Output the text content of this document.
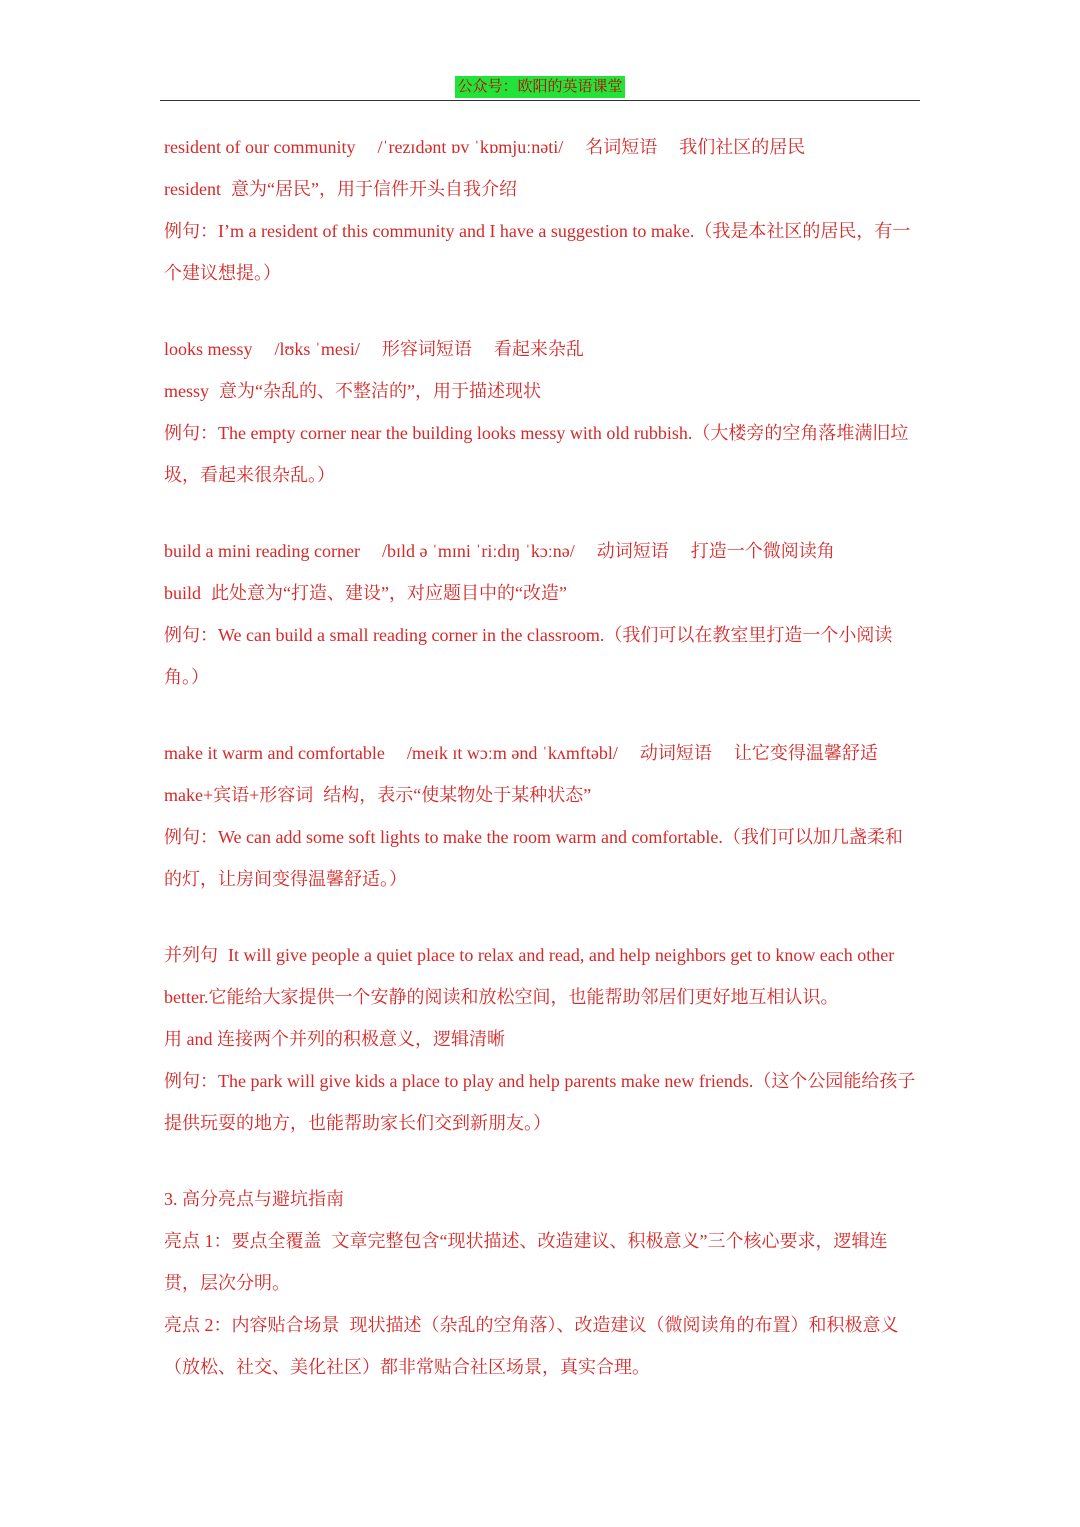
公众号：欧阳的英语课堂
resident of our community /ˈrezɪdənt ɒv ˈkɒmjuːnəti/ 名词短语 我们社区的居民
resident 意为“居民”，用于信件开头自我介绍
例句：I’m a resident of this community and I have a suggestion to make.（我是本社区的居民，有一个建议想提。）
looks messy /lʊks ˈmesi/ 形容词短语 看起来杂乱
messy 意为“杂乱的、不整洁的”，用于描述现状
例句：The empty corner near the building looks messy with old rubbish.（大楼旁的空角落堆满旧垃圾，看起来很杂乱。）
build a mini reading corner /bɪld ə ˈmɪni ˈriːdɪŋ ˈkɔːnə/ 动词短语 打造一个微阅读角
build 此处意为“打造、建设”，对应题目中的“改造”
例句：We can build a small reading corner in the classroom.（我们可以在教室里打造一个小阅读角。）
make it warm and comfortable /meɪk ɪt wɔːm ənd ˈkʌmftəbl/ 动词短语 让它变得温馨舒适
make+宾语+形容词 结构，表示“使某物处于某种状态”
例句：We can add some soft lights to make the room warm and comfortable.（我们可以加几盏柔和的灯，让房间变得温馨舒适。）
并列句 It will give people a quiet place to relax and read, and help neighbors get to know each other better.它能给大家提供一个安静的阅读和放松空间，也能帮助邻居们更好地互相认识。
用 and 连接两个并列的积极意义，逻辑清晰
例句：The park will give kids a place to play and help parents make new friends.（这个公园能给孩子提供玩耍的地方，也能帮助家长们交到新朋友。）
3. 高分亮点与避坑指南
亮点 1：要点全覆盖 文章完整包含“现状描述、改造建议、积极意义”三个核心要求，逻辑连贯，层次分明。
亮点 2：内容贴合场景 现状描述（杂乱的空角落）、改造建议（微阅读角的布置）和积极意义（放松、社交、美化社区）都非常贴合社区场景，真实合理。
